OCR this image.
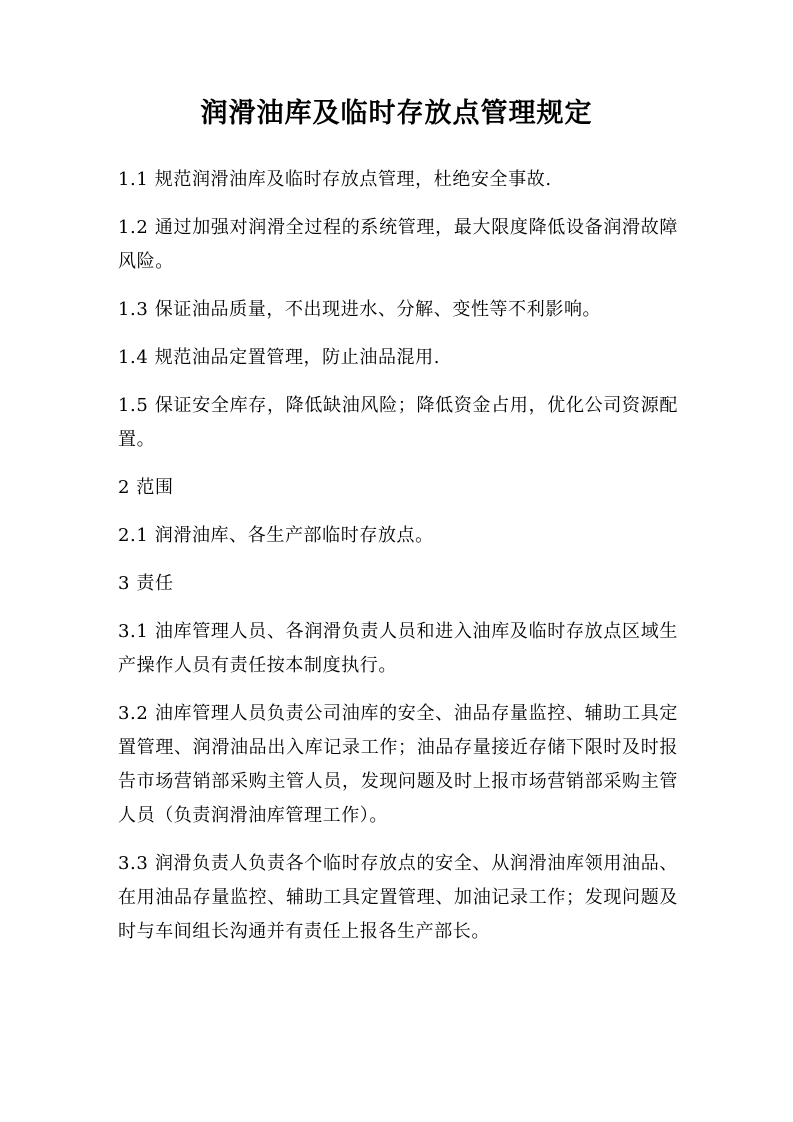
润滑油库及临时存放点管理规定

1.1 规范润滑油库及临时存放点管理，杜绝安全事故.

1.2 通过加强对润滑全过程的系统管理，最大限度降低设备润滑故障风险。

1.3 保证油品质量，不出现进水、分解、变性等不利影响。

1.4 规范油品定置管理，防止油品混用.

1.5 保证安全库存，降低缺油风险；降低资金占用，优化公司资源配置。

2 范围

2.1 润滑油库、各生产部临时存放点。

3 责任

3.1 油库管理人员、各润滑负责人员和进入油库及临时存放点区域生产操作人员有责任按本制度执行。

3.2 油库管理人员负责公司油库的安全、油品存量监控、辅助工具定置管理、润滑油品出入库记录工作；油品存量接近存储下限时及时报告市场营销部采购主管人员，发现问题及时上报市场营销部采购主管人员（负责润滑油库管理工作）。

3.3 润滑负责人负责各个临时存放点的安全、从润滑油库领用油品、在用油品存量监控、辅助工具定置管理、加油记录工作；发现问题及时与车间组长沟通并有责任上报各生产部长。
